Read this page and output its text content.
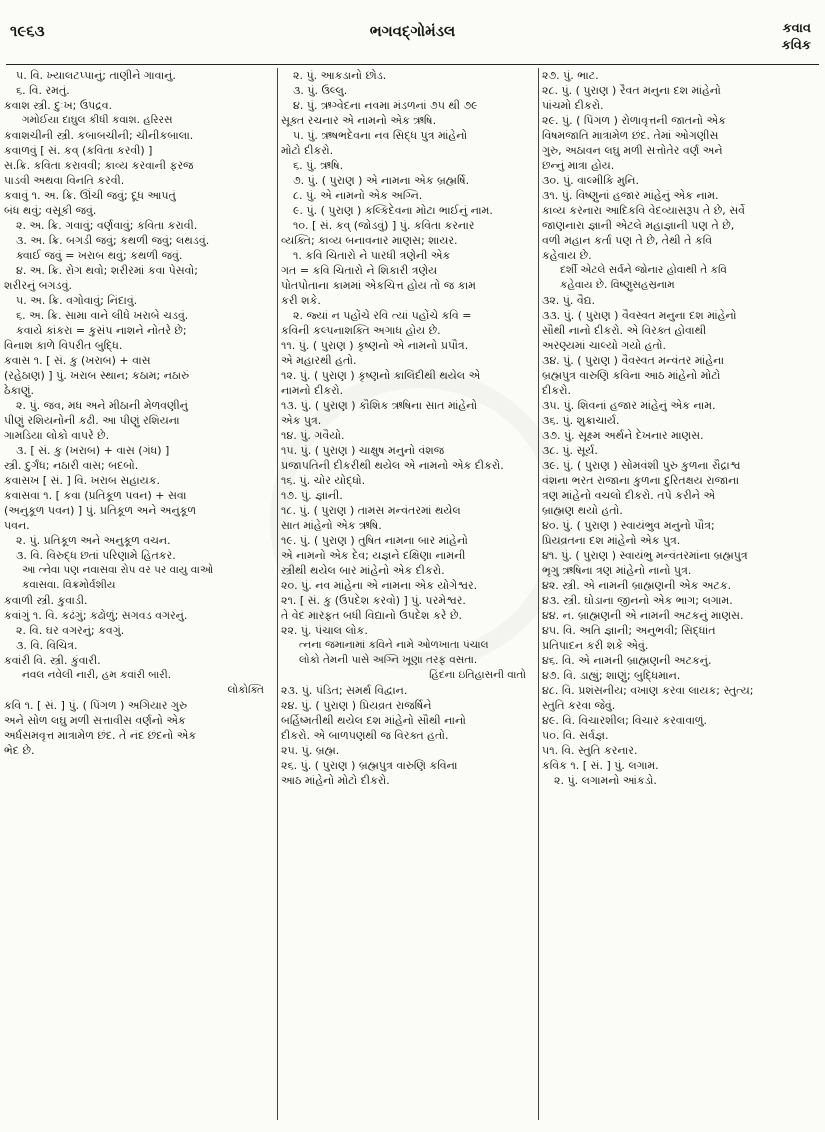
૧૯૬૩	ભગવદ્ગોમંડલ	કવાવ
કવિક
૫. વિ. ખ્યાલટપ્પાનું; તાણીને ગાવાનું.
૬. વિ. રમતું.
કવાશ સ્ત્રી. દુઃખ; ઉપદ્રવ.
ગમોઈયા દાઘુલ કીધી કવાશ. હરિરસ
કવાશચીની સ્ત્રી. કબાબચીની; ચીનીકબાલા.
કવાળવું [ સં. કવ્ (કવિતા કરવી) ]
સ.ક્રિ. કવિતા કરાવવી; કાવ્ય કરવાની ફરજ
પાડવી અથવા વિનતિ કરવી.
કવાવું ૧. અ. ક્રિ. ઊંચી જવું; દૂધ આપતું
બંધ થવું; વસૂકી જવું.
૨. અ. ક્રિ. ગવાવું; વર્ણવાવું; કવિતા કરાવી.
૩. અ. ક્રિ. બગડી જવું; કથળી જવું; લથડવું.
ક્વાઈ જવું = ખરાબ થવું; કથળી જવું.
૪. અ. ક્રિ. રોગ થવો; શરીરમાં કવા પેસવો;
શરીરનું બગડવું.
૫. અ. ક્રિ. વગોવાવું; નિંદાવું.
૬. અ. ક્રિ. સામા વાને લીધે ખરાબે ચડવું.
કવાયે કાંકરા = કુસંપ નાશને નોતરે છે;
વિનાશ કાળે વિપરીત બુદ્ધિ.
કવાસ ૧. [ સં. કુ (ખરાબ) + વાસ
(રહેઠાણ) ] પું. ખરાબ સ્થાન; કઠામ; નઠારું
ઠેકાણું.
૨. પું. જવ, મધ અને મીઠાની મેળવણીનું
પીણું રશિયનોની કઢી. આ પીણું રશિયના
ગામડિયા લોકો વાપરે છે.
૩. [ સં. કુ (ખરાબ) + વાસ (ગંધ) ]
સ્ત્રી. દુર્ગંધ; નઠારી વાસ; બદબો.
કવાસખ [ સં. ] વિ. ખરાબ સહાયક.
કવાસવા ૧. [ કવા (પ્રતિકૂળ પવન) + સવા
(અનુકૂળ પવન) ] પું. પ્રતિકૂળ અને અનુકૂળ
પવન.
૨. પું. પ્રતિકૂળ અને અનુકૂળ વચન.
૩. વિ. વિરુદ્ધ છતાં પરિણામે હિતકર.
આ ત્નેવા પણ નવાસવા રોપ વર પર વાયુ વાઓ
કવાસવા. વિક્રમોર્વશીય
કવાળી સ્ત્રી. કુવાડી.
કવાંગું ૧. વિ. કઢંગું; કઢોળું; સગવડ વગરનું.
૨. વિ. ઘર વગરનું; કવગું.
૩. વિ. વિચિત્ર.
કવાંરી વિ. સ્ત્રી. કુંવારી.
નવલ નવેલી નારી, હમ કવાંરી બારી.
લોકોક્તિ
કવિ ૧. [ સં. ] પું. ( પિંગળ ) અગિયાર ગુરુ
અને સોળ લઘુ મળી સત્તાવીસ વર્ણનો એક
અર્ધસમવૃત્ત માત્રામેળ છંદ. તે નંદ છંદનો એક
ભેદ છે.
૨. પું. આકડાનો છોડ.
૩. પું. ઉલ્લુ.
૪. પું. ઋગ્વેદના નવમા મંડળનાં ૭૫ થી ૭૯
સૂક્ત રચનાર એ નામનો એક ઋષિ.
૫. પું. ઋષભદેવના નવ સિદ્ધ પુત્ર માંહેનો
મોટો દીકરો.
૬. પું. ઋષિ.
૭. પું. ( પુરાણ ) એ નામના એક બ્રહ્મર્ષિ.
૮. પું. એ નામનો એક અગ્નિ.
૯. પું. ( પુરાણ ) કલ્કિદેવના મોટા ભાઈનું નામ.
૧૦. [ સં. કવ્ (જોડવું) ] પું. કવિતા કરનાર
વ્યક્તિ; કાવ્ય બનાવનાર માણસ; શાયર.
૧. કવિ ચિતારો ને પારધી ત્રણેની એક
ગત = કવિ ચિતારો ને શિકારી ત્રણેય
પોતપોતાના કામમાં એકચિત્ત હોય તો જ કામ
કરી શકે.
૨. જ્યાં ન પહોંચે રવિ ત્યાં પહોંચે કવિ =
કવિની કલ્પનાશક્તિ અગાધ હોય છે.
૧૧. પું. ( પુરાણ ) કૃષ્ણનો એ નામનો પ્રપૌત્ર.
એ મહારથી હતો.
૧૨. પું. ( પુરાણ ) કૃષ્ણનો કાલિંદીથી થયેલ એ
નામનો દીકરો.
૧૩. પું. ( પુરાણ ) કૌશિક ઋષિના સાત માંહેનો
એક પુત્ર.
૧૪. પું. ગવૈયો.
૧૫. પું. ( પુરાણ ) ચાક્ષુષ મનુનો વંશજ
પ્રજાપતિની દીકરીથી થયેલ એ નામનો એક દીકરો.
૧૬. પું. ચોર યોદ્ધો.
૧૭. પું. જ્ઞાની.
૧૮. પું. ( પુરાણ ) તામસ મન્વંતરમાં થયેલ
સાત માંહેનો એક ઋષિ.
૧૯. પું. ( પુરાણ ) તુષિત નામના બાર માંહેનો
એ નામનો એક દેવ; યજ્ઞને દક્ષિણા નામની
સ્ત્રીથી થયેલ બાર માંહેનો એક દીકરો.
૨૦. પું. નવ માંહેના એ નામના એક યોગેશ્વર.
૨૧. [ સં. કુ (ઉપદેશ કરવો) ] પું. પરમેશ્વર.
તે વેદ મારફત બધી વિદ્યાનો ઉપદેશ કરે છે.
૨૨. પું. પંચાલ લોક.
ત્નના જમાનામાં કવિને નામે ઓળખાતા પંચાલ
લોકો તેમની પાસે અગ્નિ ખૂણા તરફ વસતા.
હિંદના ઇતિહાસની વાતો
૨૩. પું. પંડિત; સમર્થ વિદ્વાન.
૨૪. પું. ( પુરાણ ) પ્રિયવ્રત રાજર્ષિને
બર્હિષ્મતીથી થયેલ દશ માંહેનો સૌથી નાનો
દીકરો. એ બાળપણથી જ વિરક્ત હતો.
૨૫. પું. બ્રહ્મ.
૨૬. પું. ( પુરાણ ) બ્રહ્મપુત્ર વારુણિ કવિના
આઠ માંહેનો મોટો દીકરો.
૨૭. પું. ભાટ.
૨૮. પું. ( પુરાણ ) રૈવત મનુના દશ માંહેનો
પાંચમો દીકરો.
૨૯. પું. ( પિંગળ ) રોળાવૃત્તની જાતનો એક
વિષમજાતિ માત્રામેળ છંદ. તેમાં ઓગણીસ
ગુરુ, અઠાવન લઘુ મળી સત્તોતેર વર્ણ અને
છન્નું માત્રા હોય.
૩૦. પું. વાલ્મીકિ મુનિ.
૩૧. પું. વિષ્ણુનાં હજાર માંહેનું એક નામ.
કાવ્ય કરનારા આદિકવિ વેદવ્યાસરૂપ તે છે, સર્વે
જાણનારા જ્ઞાની એટલે મહાજ્ઞાની પણ તે છે,
વળી મહાન કર્તા પણ તે છે, તેથી તે કવિ
કહેવાય છે.
દર્શી એટલે સર્વને જોનાર હોવાથી તે કવિ
કહેવાય છે. વિષ્ણુસહસ્રનામ
૩૨. પું. વૈદ્ય.
૩૩. પું. ( પુરાણ ) વૈવસ્વત મનુના દશ માંહેનો
સૌથી નાનો દીકરો. એ વિરક્ત હોવાથી
અરણ્યમાં ચાલ્યો ગયો હતો.
૩૪. પું. ( પુરાણ ) વૈવસ્વત મન્વંતર માંહેના
બ્રહ્મપુત્ર વારુણિ કવિના આઠ માંહેનો મોટો
દીકરો.
૩૫. પું. શિવનાં હજાર માંહેનું એક નામ.
૩૬. પું. શુક્રાચાર્ય.
૩૭. પું. સૂક્ષ્મ અર્થને દેખનાર માણસ.
૩૮. પું. સૂર્ય.
૩૯. પું. ( પુરાણ ) સોમવંશી પુરુ કુળના રૌદ્રાશ્વ
વંશના ભરત રાજાના કુળના દુરિતક્ષય રાજાના
ત્રણ માંહેનો વચલો દીકરો. તપે કરીને એ
બ્રાહ્મણ થયો હતો.
૪૦. પું. ( પુરાણ ) સ્વાયંભુવ મનુનો પૌત્ર;
પ્રિયવ્રતના દશ માંહેનો એક પુત્ર.
૪૧. પું. ( પુરાણ ) સ્વાયંભુ મન્વંતરમાંના બ્રહ્મપુત્ર
ભૃગુ ઋષિના ત્રણ માંહેનો નાનો પુત્ર.
૪૨. સ્ત્રી. એ નામની બ્રાહ્મણની એક અટક.
૪૩. સ્ત્રી. ઘોડાના જીનનો એક ભાગ; લગામ.
૪૪. ન. બ્રાહ્મણની એ નામની અટકનું માણસ.
૪૫. વિ. અતિ જ્ઞાની; અનુભવી; સિદ્ધાંત
પ્રતિપાદન કરી શકે એવું.
૪૬. વિ. એ નામની બ્રાહ્મણની અટકનું.
૪૭. વિ. ડાહ્યું; શાણું; બુદ્ધિમાન.
૪૮. વિ. પ્રશંસનીય; વખાણ કરવા લાયક; સ્તુત્ય;
સ્તુતિ કરવા જેવું.
૪૯. વિ. વિચારશીલ; વિચાર કરવાવાળું.
૫૦. વિ. સર્વજ્ઞ.
૫૧. વિ. સ્તુતિ કરનાર.
કવિક ૧. [ સં. ] પું. લગામ.
૨. પું. લગામનો આંકડો.
